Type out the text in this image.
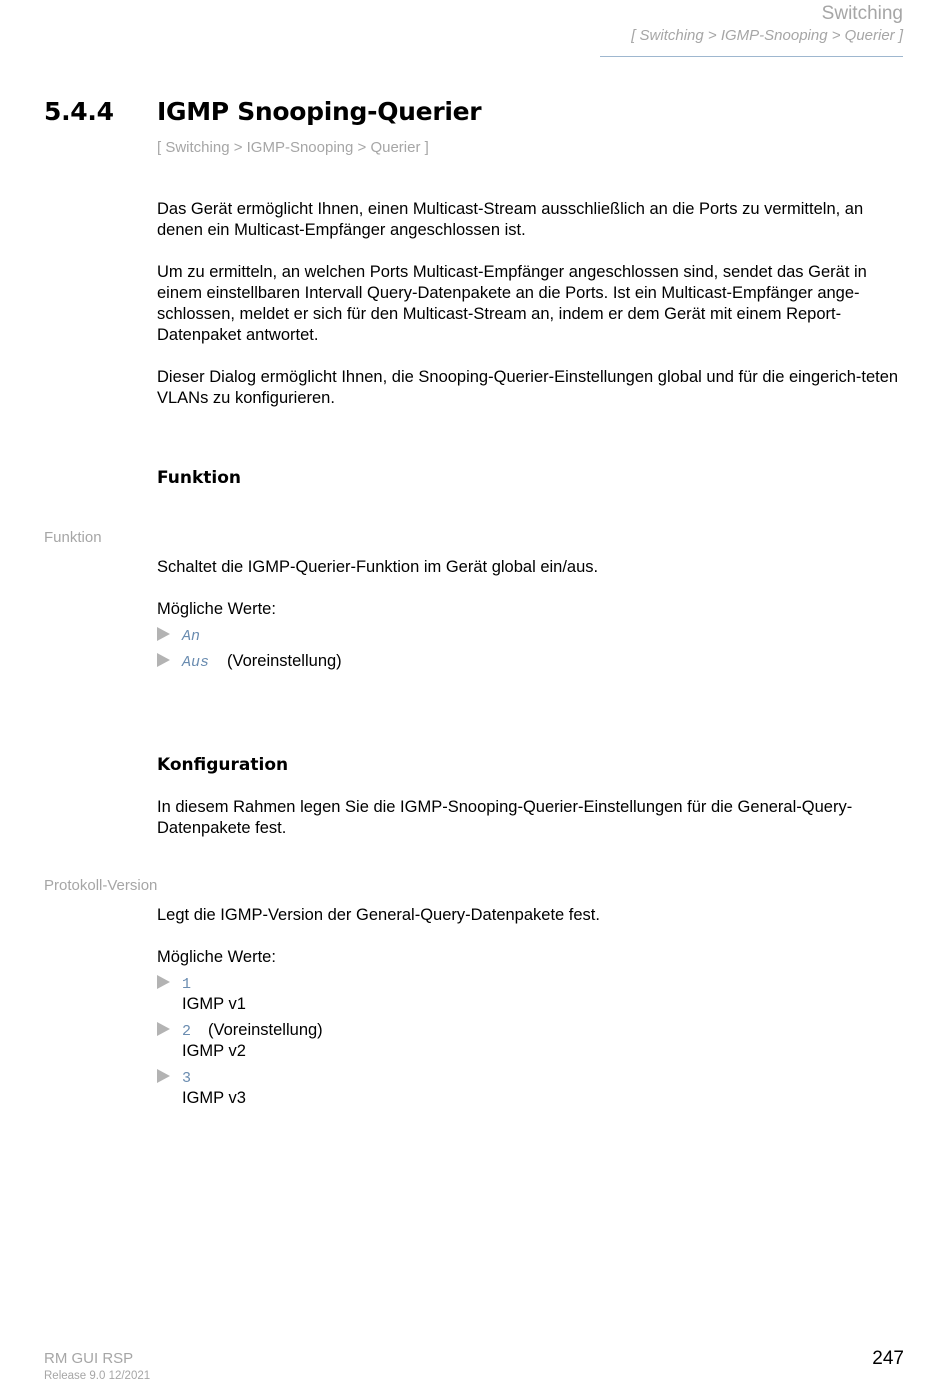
Switching
[ Switching > IGMP-Snooping > Querier ]
5.4.4 IGMP Snooping-Querier
[ Switching > IGMP-Snooping > Querier ]

Das Gerät ermöglicht Ihnen, einen Multicast-Stream ausschließlich an die Ports zu vermitteln, an denen ein Multicast-Empfänger angeschlossen ist.

Um zu ermitteln, an welchen Ports Multicast-Empfänger angeschlossen sind, sendet das Gerät in einem einstellbaren Intervall Query-Datenpakete an die Ports. Ist ein Multicast-Empfänger ange-schlossen, meldet er sich für den Multicast-Stream an, indem er dem Gerät mit einem Report-Datenpaket antwortet.

Dieser Dialog ermöglicht Ihnen, die Snooping-Querier-Einstellungen global und für die eingerich-teten VLANs zu konfigurieren.

Funktion
Funktion
Schaltet die IGMP-Querier-Funktion im Gerät global ein/aus.
Mögliche Werte:
An
Aus (Voreinstellung)
Konfiguration
In diesem Rahmen legen Sie die IGMP-Snooping-Querier-Einstellungen für die General-Query-
Datenpakete fest.
Protokoll-Version
Legt die IGMP-Version der General-Query-Datenpakete fest.
Mögliche Werte:
1
IGMP v1
2 (Voreinstellung)
IGMP v2
3
IGMP v3
RM GUI RSP
Release 9.0 12/2021
247
